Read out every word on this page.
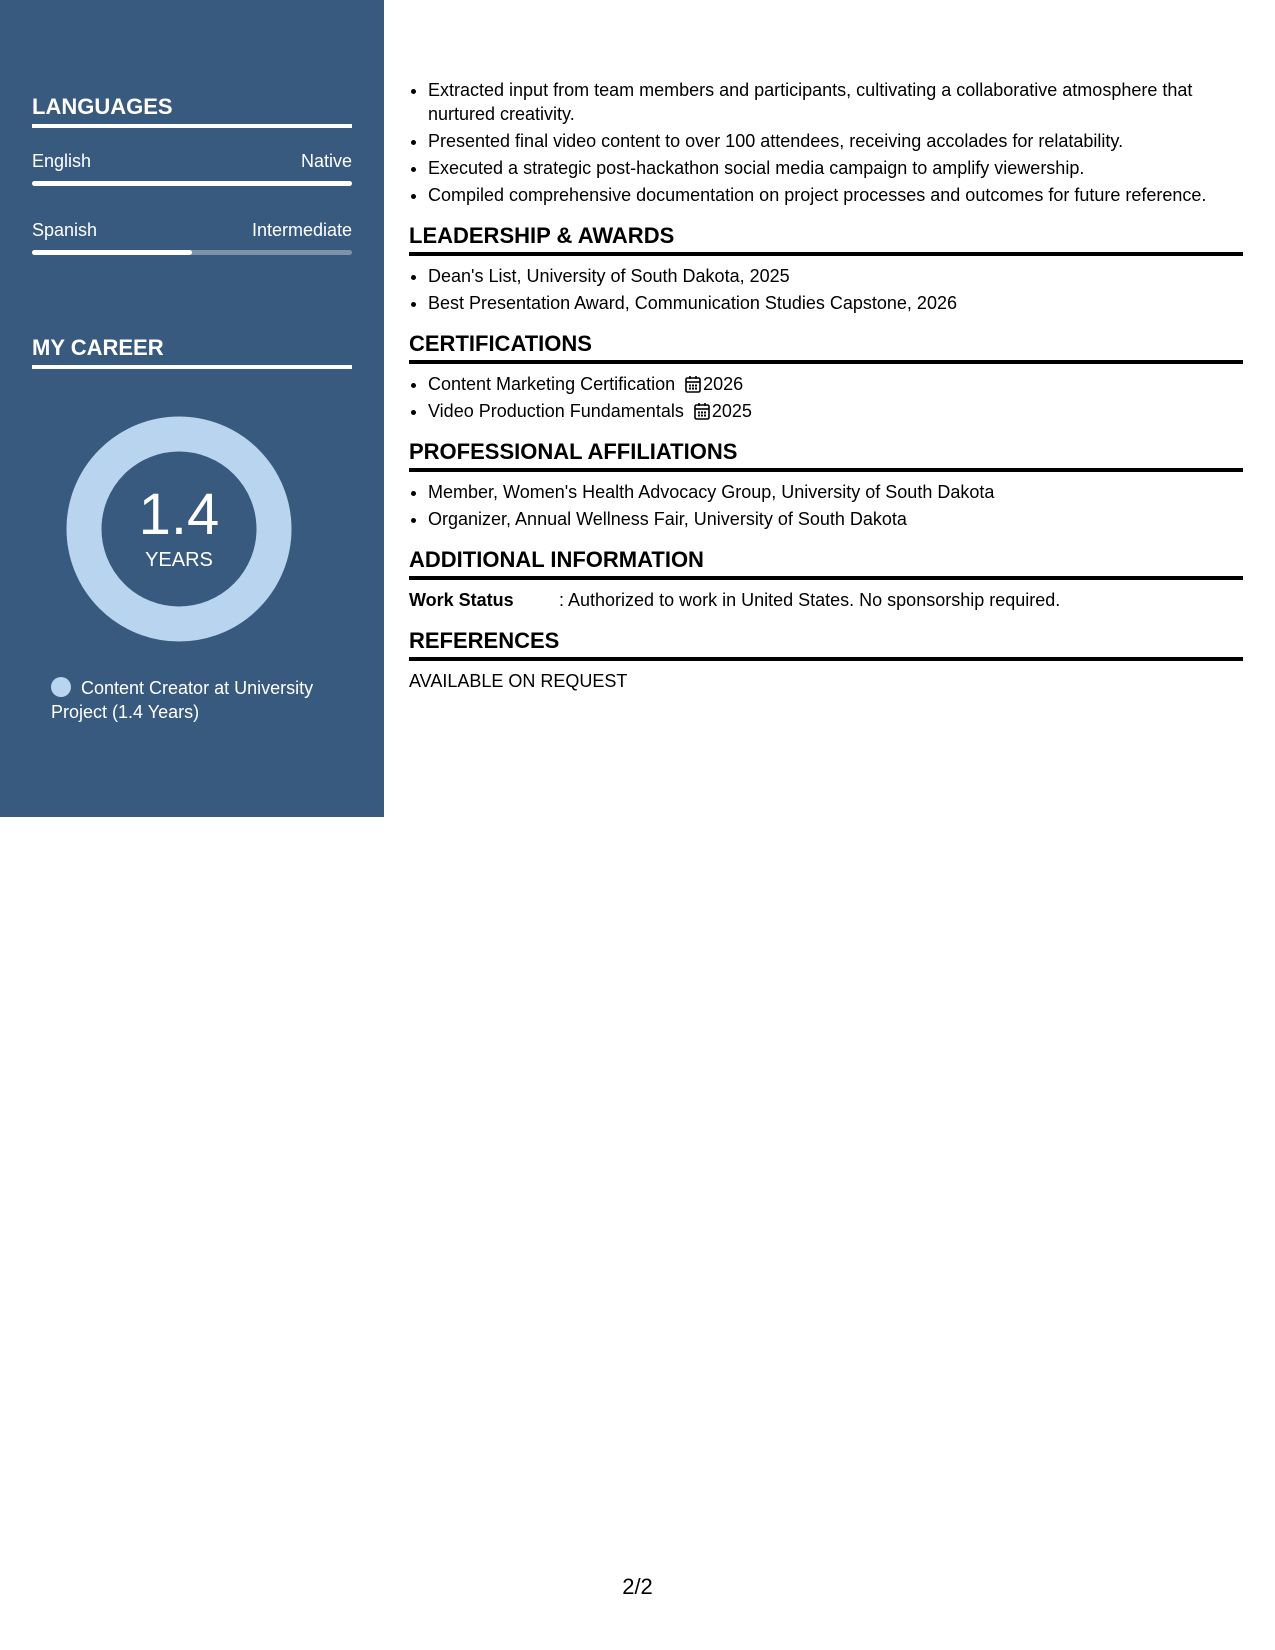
LANGUAGES
English	Native
Spanish	Intermediate
MY CAREER
1.4
YEARS
Content Creator at University Project (1.4 Years)
• Extracted input from team members and participants, cultivating a collaborative atmosphere that nurtured creativity.
• Presented final video content to over 100 attendees, receiving accolades for relatability.
• Executed a strategic post-hackathon social media campaign to amplify viewership.
• Compiled comprehensive documentation on project processes and outcomes for future reference.
LEADERSHIP & AWARDS
• Dean's List, University of South Dakota, 2025
• Best Presentation Award, Communication Studies Capstone, 2026
CERTIFICATIONS
• Content Marketing Certification 2026
• Video Production Fundamentals 2025
PROFESSIONAL AFFILIATIONS
• Member, Women's Health Advocacy Group, University of South Dakota
• Organizer, Annual Wellness Fair, University of South Dakota
ADDITIONAL INFORMATION
Work Status	: Authorized to work in United States. No sponsorship required.
REFERENCES
AVAILABLE ON REQUEST
2/2
